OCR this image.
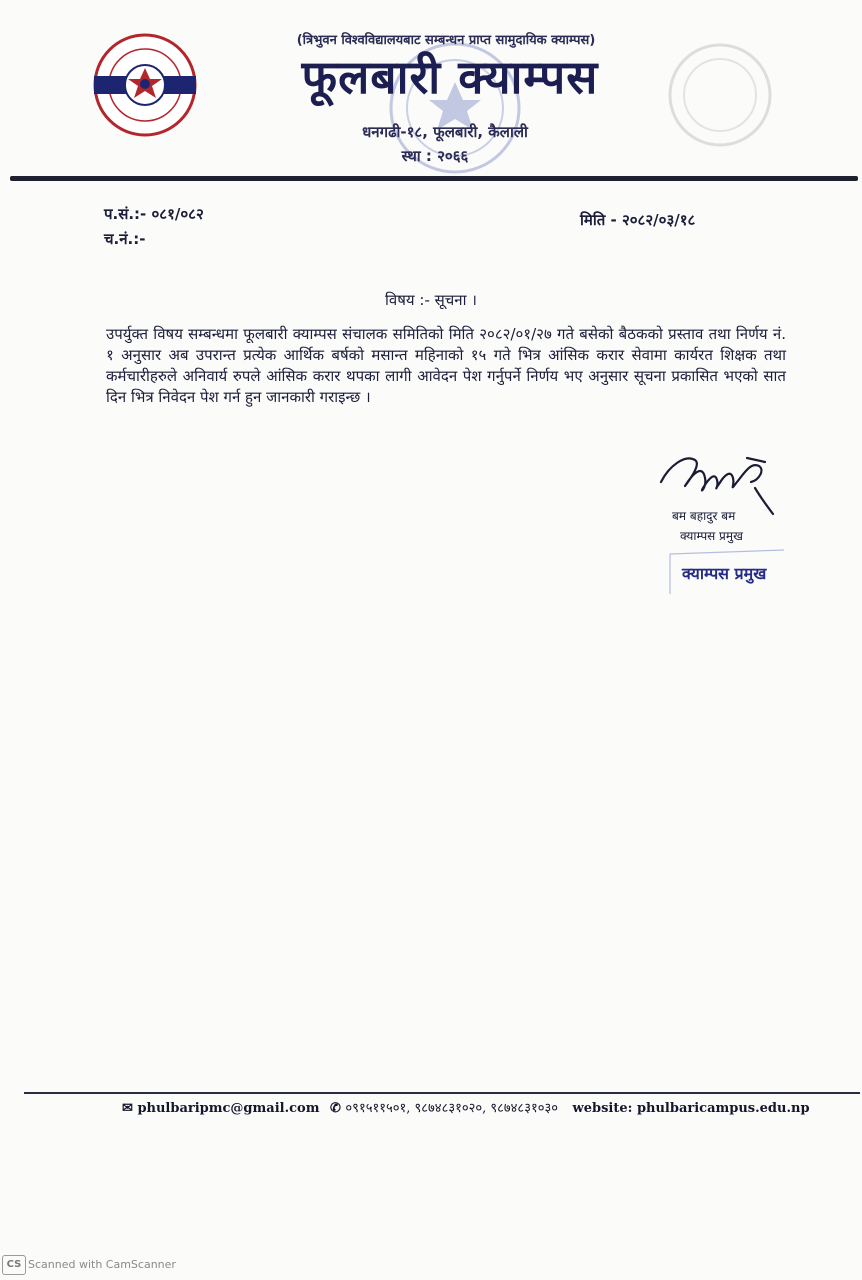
(त्रिभुवन विश्वविद्यालयबाट सम्बन्धन प्राप्त सामुदायिक क्याम्पस)
फूलबारी क्याम्पस
धनगढी-१८, फूलबारी, कैलाली
स्था : २०६६
प.सं.:- ०८१/०८२
च.नं.:-
मिति - २०८२/०३/१८
विषय :- सूचना ।
उपर्युक्त विषय सम्बन्धमा फूलबारी क्याम्पस संचालक समितिको मिति २०८२/०१/२७ गते बसेको बैठकको प्रस्ताव तथा निर्णय नं. १ अनुसार अब उपरान्त प्रत्येक आर्थिक बर्षको मसान्त महिनाको १५ गते भित्र आंसिक करार सेवामा कार्यरत शिक्षक तथा कर्मचारीहरुले अनिवार्य रुपले आंसिक करार थपका लागी आवेदन पेश गर्नुपर्ने निर्णय भए अनुसार सूचना प्रकासित भएको सात दिन भित्र निवेदन पेश गर्न हुन जानकारी गराइन्छ ।
बम बहादुर बम
क्याम्पस प्रमुख
क्याम्पस प्रमुख
✉ phulbaripmc@gmail.com ✆ ०९१५११५०१, ९८७४८३१०२०, ९८७४८३१०३० website: phulbaricampus.edu.np
CS Scanned with CamScanner
